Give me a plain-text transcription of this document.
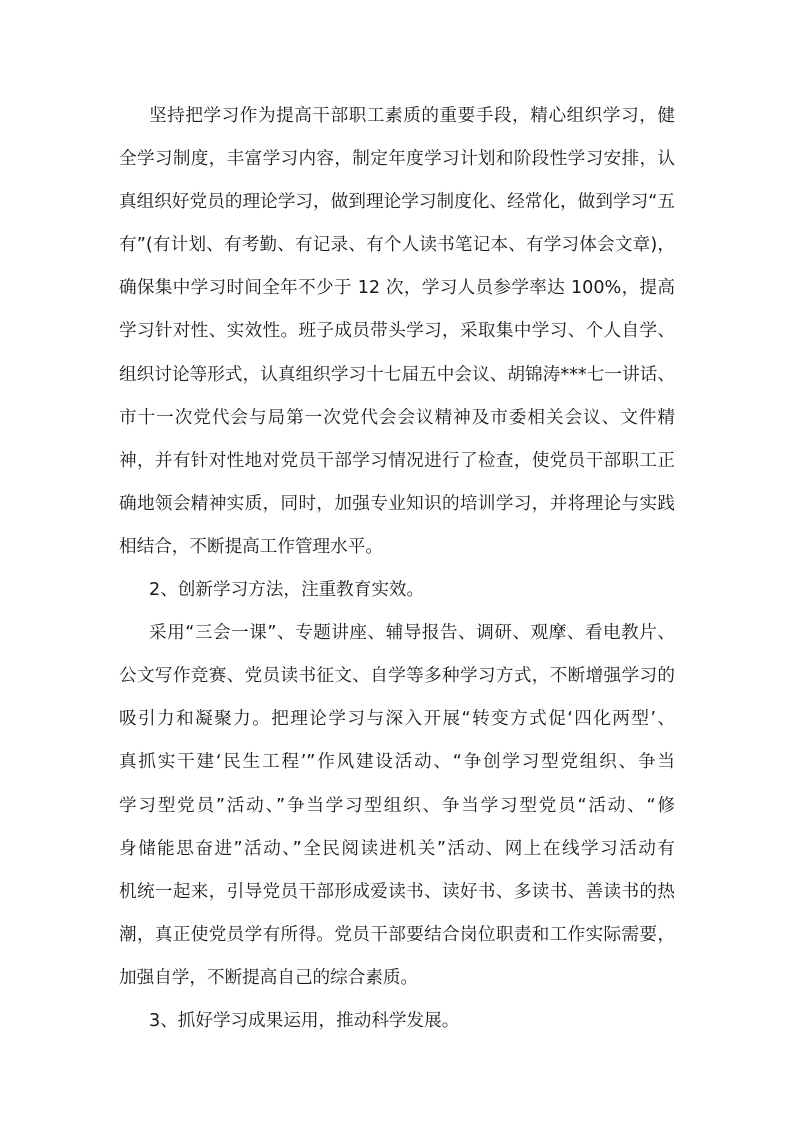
坚持把学习作为提高干部职工素质的重要手段，精心组织学习，健
全学习制度，丰富学习内容，制定年度学习计划和阶段性学习安排，认
真组织好党员的理论学习，做到理论学习制度化、经常化，做到学习“五
有”(有计划、有考勤、有记录、有个人读书笔记本、有学习体会文章)，
确保集中学习时间全年不少于 12 次，学习人员参学率达 100%，提高
学习针对性、实效性。班子成员带头学习，采取集中学习、个人自学、
组织讨论等形式，认真组织学习十七届五中会议、胡锦涛***七一讲话、
市十一次党代会与局第一次党代会会议精神及市委相关会议、文件精
神，并有针对性地对党员干部学习情况进行了检查，使党员干部职工正
确地领会精神实质，同时，加强专业知识的培训学习，并将理论与实践
相结合，不断提高工作管理水平。
2、创新学习方法，注重教育实效。
采用“三会一课”、专题讲座、辅导报告、调研、观摩、看电教片、
公文写作竞赛、党员读书征文、自学等多种学习方式，不断增强学习的
吸引力和凝聚力。把理论学习与深入开展“转变方式促‘四化两型’、
真抓实干建‘民生工程’”作风建设活动、“争创学习型党组织、争当
学习型党员”活动、”争当学习型组织、争当学习型党员“活动、“修
身储能思奋进”活动、”全民阅读进机关”活动、网上在线学习活动有
机统一起来，引导党员干部形成爱读书、读好书、多读书、善读书的热
潮，真正使党员学有所得。党员干部要结合岗位职责和工作实际需要，
加强自学，不断提高自己的综合素质。
3、抓好学习成果运用，推动科学发展。
